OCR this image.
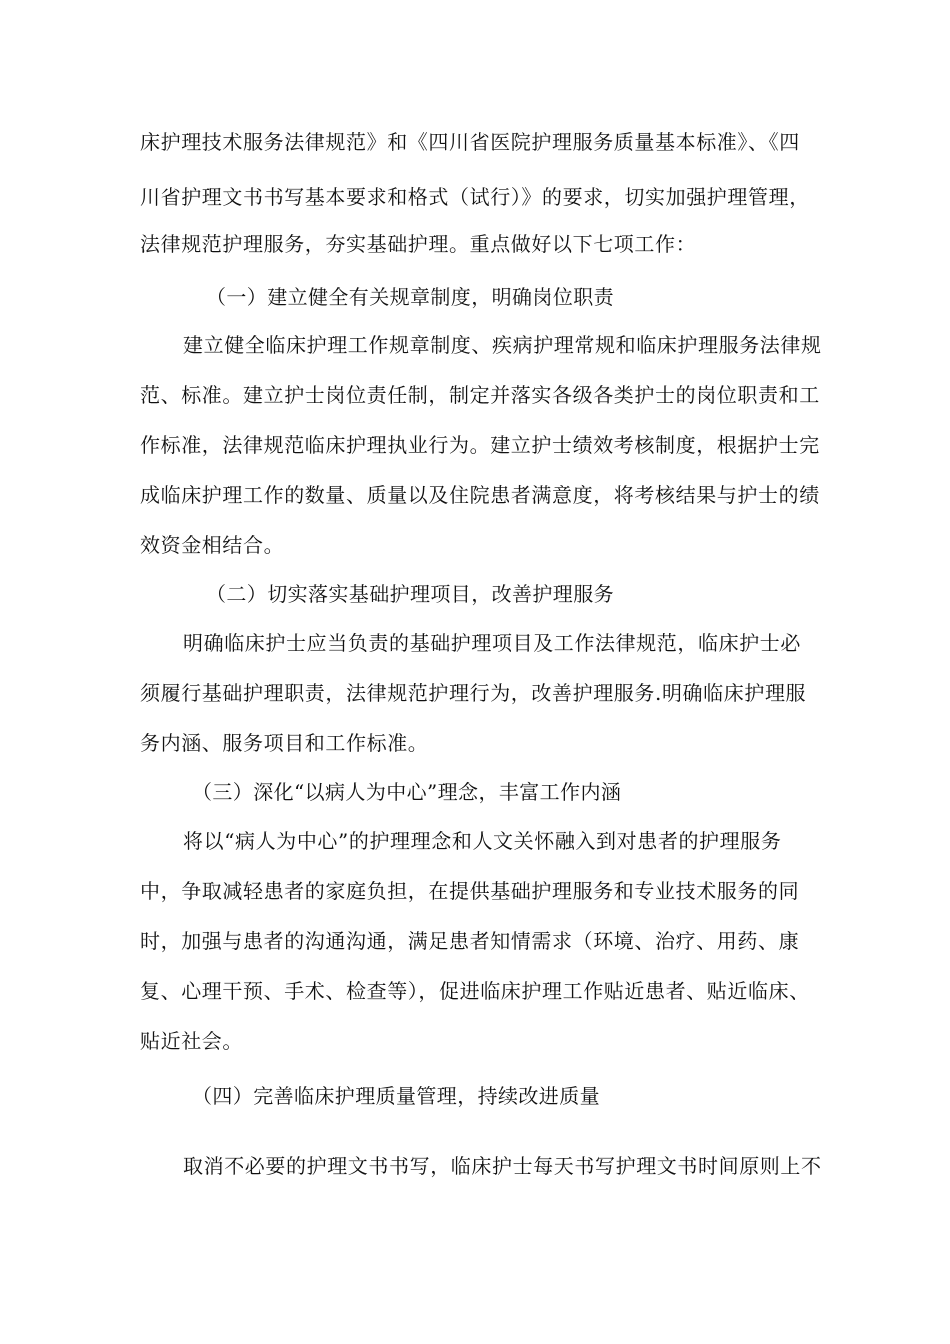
床护理技术服务法律规范》和《四川省医院护理服务质量基本标准》、《四
川省护理文书书写基本要求和格式（试行）》的要求，切实加强护理管理，
法律规范护理服务，夯实基础护理。重点做好以下七项工作：
（一）建立健全有关规章制度，明确岗位职责
建立健全临床护理工作规章制度、疾病护理常规和临床护理服务法律规
范、标准。建立护士岗位责任制，制定并落实各级各类护士的岗位职责和工
作标准，法律规范临床护理执业行为。建立护士绩效考核制度，根据护士完
成临床护理工作的数量、质量以及住院患者满意度，将考核结果与护士的绩
效资金相结合。
（二）切实落实基础护理项目，改善护理服务
明确临床护士应当负责的基础护理项目及工作法律规范，临床护士必
须履行基础护理职责，法律规范护理行为，改善护理服务.明确临床护理服
务内涵、服务项目和工作标准。
（三）深化“以病人为中心”理念，丰富工作内涵
将以“病人为中心”的护理理念和人文关怀融入到对患者的护理服务
中，争取减轻患者的家庭负担，在提供基础护理服务和专业技术服务的同
时，加强与患者的沟通沟通，满足患者知情需求（环境、治疗、用药、康
复、心理干预、手术、检查等），促进临床护理工作贴近患者、贴近临床、
贴近社会。
（四）完善临床护理质量管理，持续改进质量
取消不必要的护理文书书写，临床护士每天书写护理文书时间原则上不
